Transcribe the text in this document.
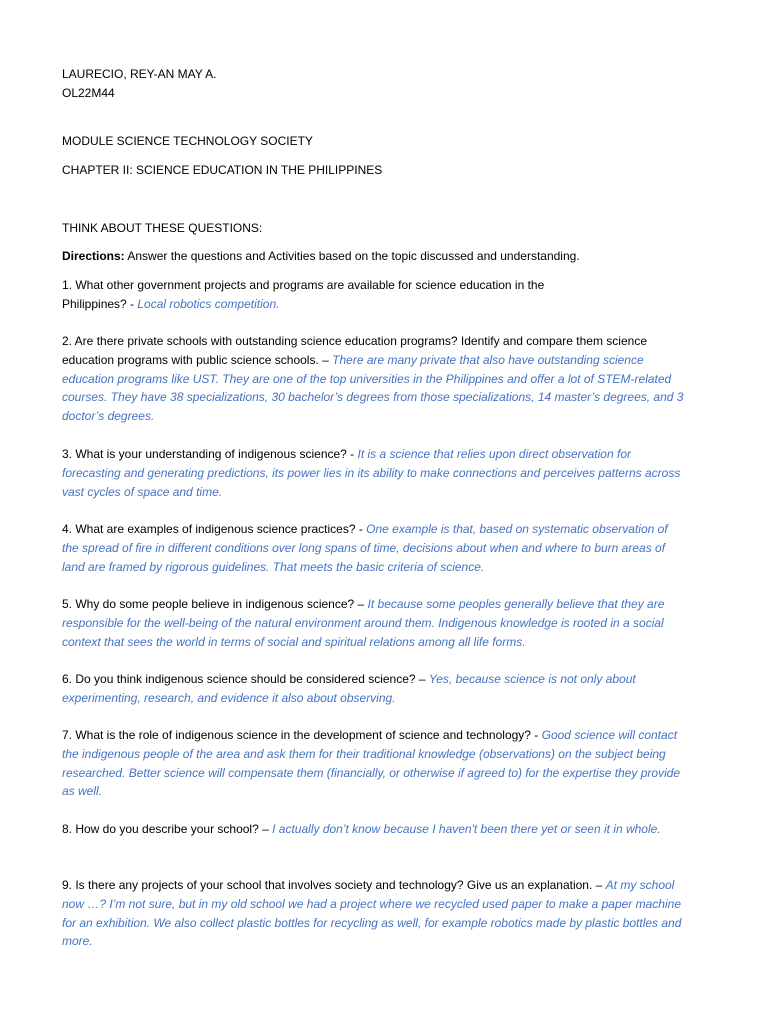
LAURECIO, REY-AN MAY A.

OL22M44

MODULE SCIENCE TECHNOLOGY SOCIETY

CHAPTER II: SCIENCE EDUCATION IN THE PHILIPPINES

THINK ABOUT THESE QUESTIONS:

Directions: Answer the questions and Activities based on the topic discussed and understanding.

1. What other government projects and programs are available for science education in the Philippines? - Local robotics competition.

2. Are there private schools with outstanding science education programs? Identify and compare them science education programs with public science schools. – There are many private that also have outstanding science education programs like UST. They are one of the top universities in the Philippines and offer a lot of STEM-related courses. They have 38 specializations, 30 bachelor’s degrees from those specializations, 14 master’s degrees, and 3 doctor’s degrees.

3. What is your understanding of indigenous science? - It is a science that relies upon direct observation for forecasting and generating predictions, its power lies in its ability to make connections and perceives patterns across vast cycles of space and time.

4. What are examples of indigenous science practices? - One example is that, based on systematic observation of the spread of fire in different conditions over long spans of time, decisions about when and where to burn areas of land are framed by rigorous guidelines. That meets the basic criteria of science.

5. Why do some people believe in indigenous science? – It because some peoples generally believe that they are responsible for the well-being of the natural environment around them. Indigenous knowledge is rooted in a social context that sees the world in terms of social and spiritual relations among all life forms.

6. Do you think indigenous science should be considered science? – Yes, because science is not only about experimenting, research, and evidence it also about observing.

7. What is the role of indigenous science in the development of science and technology? - Good science will contact the indigenous people of the area and ask them for their traditional knowledge (observations) on the subject being researched. Better science will compensate them (financially, or otherwise if agreed to) for the expertise they provide as well.

8. How do you describe your school? – I actually don’t know because I haven't been there yet or seen it in whole.

9. Is there any projects of your school that involves society and technology? Give us an explanation. – At my school now …? I’m not sure, but in my old school we had a project where we recycled used paper to make a paper machine for an exhibition. We also collect plastic bottles for recycling as well, for example robotics made by plastic bottles and more.
